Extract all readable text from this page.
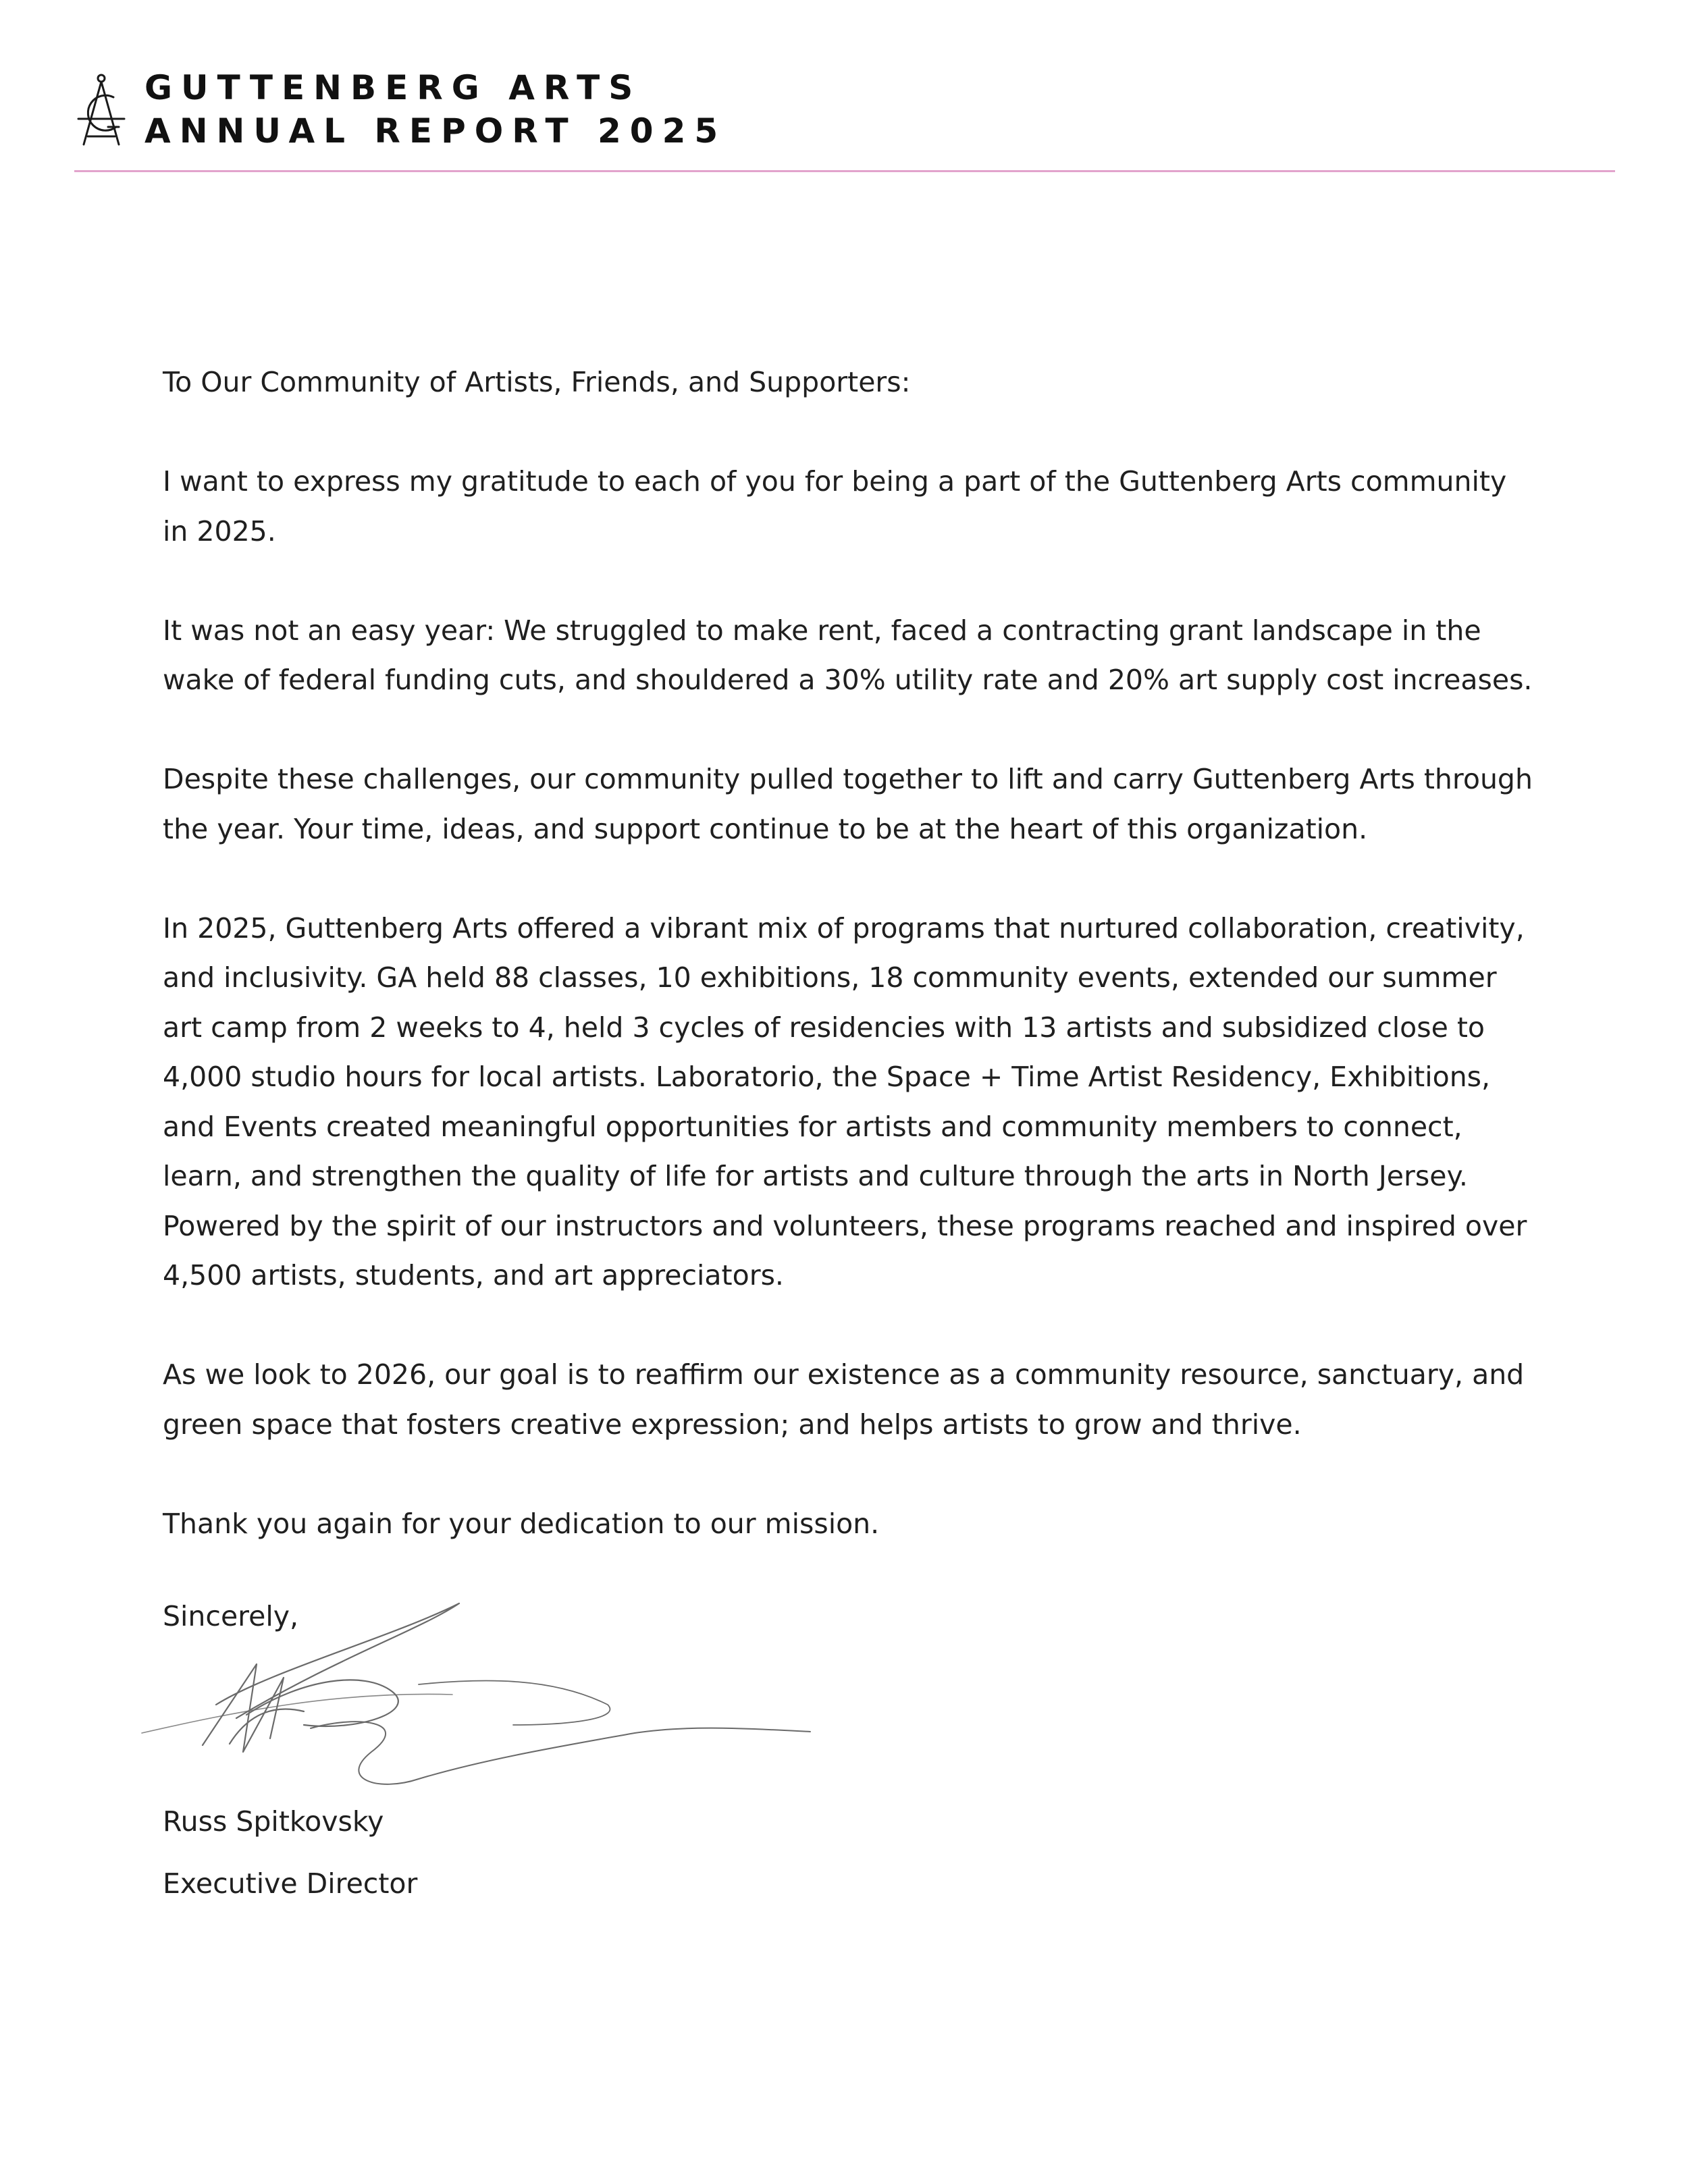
GUTTENBERG ARTS
ANNUAL REPORT 2025

To Our Community of Artists, Friends, and Supporters:

I want to express my gratitude to each of you for being a part of the Guttenberg Arts community in 2025.

It was not an easy year: We struggled to make rent, faced a contracting grant landscape in the wake of federal funding cuts, and shouldered a 30% utility rate and 20% art supply cost increases.

Despite these challenges, our community pulled together to lift and carry Guttenberg Arts through the year. Your time, ideas, and support continue to be at the heart of this organization.

In 2025, Guttenberg Arts offered a vibrant mix of programs that nurtured collaboration, creativity, and inclusivity. GA held 88 classes, 10 exhibitions, 18 community events, extended our summer art camp from 2 weeks to 4, held 3 cycles of residencies with 13 artists and subsidized close to 4,000 studio hours for local artists. Laboratorio, the Space + Time Artist Residency, Exhibitions, and Events created meaningful opportunities for artists and community members to connect, learn, and strengthen the quality of life for artists and culture through the arts in North Jersey. Powered by the spirit of our instructors and volunteers, these programs reached and inspired over 4,500 artists, students, and art appreciators.

As we look to 2026, our goal is to reaffirm our existence as a community resource, sanctuary, and green space that fosters creative expression; and helps artists to grow and thrive.

Thank you again for your dedication to our mission.

Sincerely,
Russ Spitkovsky
Executive Director
